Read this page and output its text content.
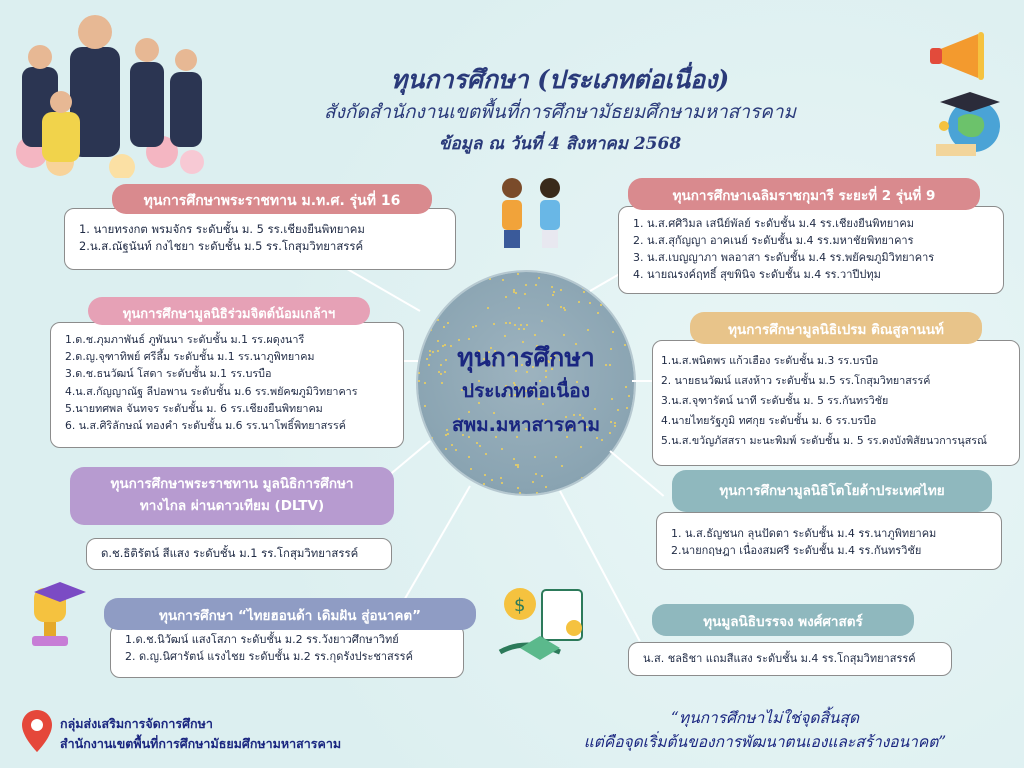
$
ทุนการศึกษา (ประเภทต่อเนื่อง)
สังกัดสำนักงานเขตพื้นที่การศึกษามัธยมศึกษามหาสารคาม
ข้อมูล ณ วันที่ 4 สิงหาคม 2568
ทุนการศึกษา
ประเภทต่อเนื่อง
สพม.มหาสารคาม
ทุนการศึกษาพระราชทาน ม.ท.ศ. รุ่นที่ 16
1. นายทรงกต พรมจักร ระดับชั้น ม. 5 รร.เชียงยืนพิทยาคม
2.น.ส.ณัฐนันท์ กงไชยา ระดับชั้น ม.5 รร.โกสุมวิทยาสรรค์
ทุนการศึกษามูลนิธิร่วมจิตต์น้อมเกล้าฯ
1.ด.ช.ภุมภาพันธ์ ภูพันนา ระดับชั้น ม.1 รร.ผดุงนารี
2.ด.ญ.จุฑาทิพย์ ศรีลึ้ม ระดับชั้น ม.1 รร.นาภูพิทยาคม
3.ด.ช.ธนวัฒน์ โสดา ระดับชั้น ม.1 รร.บรบือ
4.น.ส.กัญญาณัฐ ลีปอพาน ระดับชั้น ม.6 รร.พยัคฆภูมิวิทยาคาร
5.นายทศพล จันทจร ระดับชั้น ม. 6 รร.เชียงยืนพิทยาคม
6. น.ส.ศิริลักษณ์ ทองคำ ระดับชั้น ม.6 รร.นาโพธิ์พิทยาสรรค์
ทุนการศึกษาพระราชทาน มูลนิธิการศึกษา
ทางไกล ผ่านดาวเทียม (DLTV)
ด.ช.ธิติรัตน์ สีแสง ระดับชั้น ม.1 รร.โกสุมวิทยาสรรค์
ทุนการศึกษา “ไทยฮอนด้า เดิมฝัน สู่อนาคต”
1.ด.ช.นิวัฒน์ แสงโสภา ระดับชั้น ม.2 รร.วังยาวศึกษาวิทย์
2. ด.ญ.นิศารัตน์ แรงไชย ระดับชั้น ม.2 รร.กุดรังประชาสรรค์
ทุนการศึกษาเฉลิมราชกุมารี ระยะที่ 2 รุ่นที่ 9
1. น.ส.ศศิวิมล เสนีย์พัลย์ ระดับชั้น ม.4 รร.เชียงยืนพิทยาคม
2. น.ส.สุกัญญา อาคเนย์ ระดับชั้น ม.4 รร.มหาชัยพิทยาคาร
3. น.ส.เบญญาภา พลอาสา ระดับชั้น ม.4 รร.พยัคฆภูมิวิทยาคาร
4. นายณรงค์ฤทธิ์ สุขพินิจ ระดับชั้น ม.4 รร.วาปีปทุม
ทุนการศึกษามูลนิธิเปรม ติณสูลานนท์
1.น.ส.พนิตพร แก้วเฮือง ระดับชั้น ม.3 รร.บรบือ
2. นายธนวัฒน์ แสงห้าว ระดับชั้น ม.5 รร.โกสุมวิทยาสรรค์
3.น.ส.จุฑารัตน์ นาที ระดับชั้น ม. 5 รร.กันทรวิชัย
4.นายไทยรัฐภูมิ ทศกุย ระดับชั้น ม. 6 รร.บรบือ
5.น.ส.ขวัญภัสสรา มะนะพิมพ์ ระดับชั้น ม. 5 รร.ดงบังพิสัยนวการนุสรณ์
ทุนการศึกษามูลนิธิโตโยต้าประเทศไทย
1. น.ส.ธัญชนก ลุนปัดตา ระดับชั้น ม.4 รร.นาภูพิทยาคม
2.นายกฤษฎา เนื่องสมศรี ระดับชั้น ม.4 รร.กันทรวิชัย
ทุนมูลนิธิบรรจง พงศ์ศาสตร์
น.ส. ชลธิชา แถมสีแสง ระดับชั้น ม.4 รร.โกสุมวิทยาสรรค์
กลุ่มส่งเสริมการจัดการศึกษา
สำนักงานเขตพื้นที่การศึกษามัธยมศึกษามหาสารคาม
“ทุนการศึกษาไม่ใช่จุดสิ้นสุด
แต่คือจุดเริ่มต้นของการพัฒนาตนเองและสร้างอนาคต”
